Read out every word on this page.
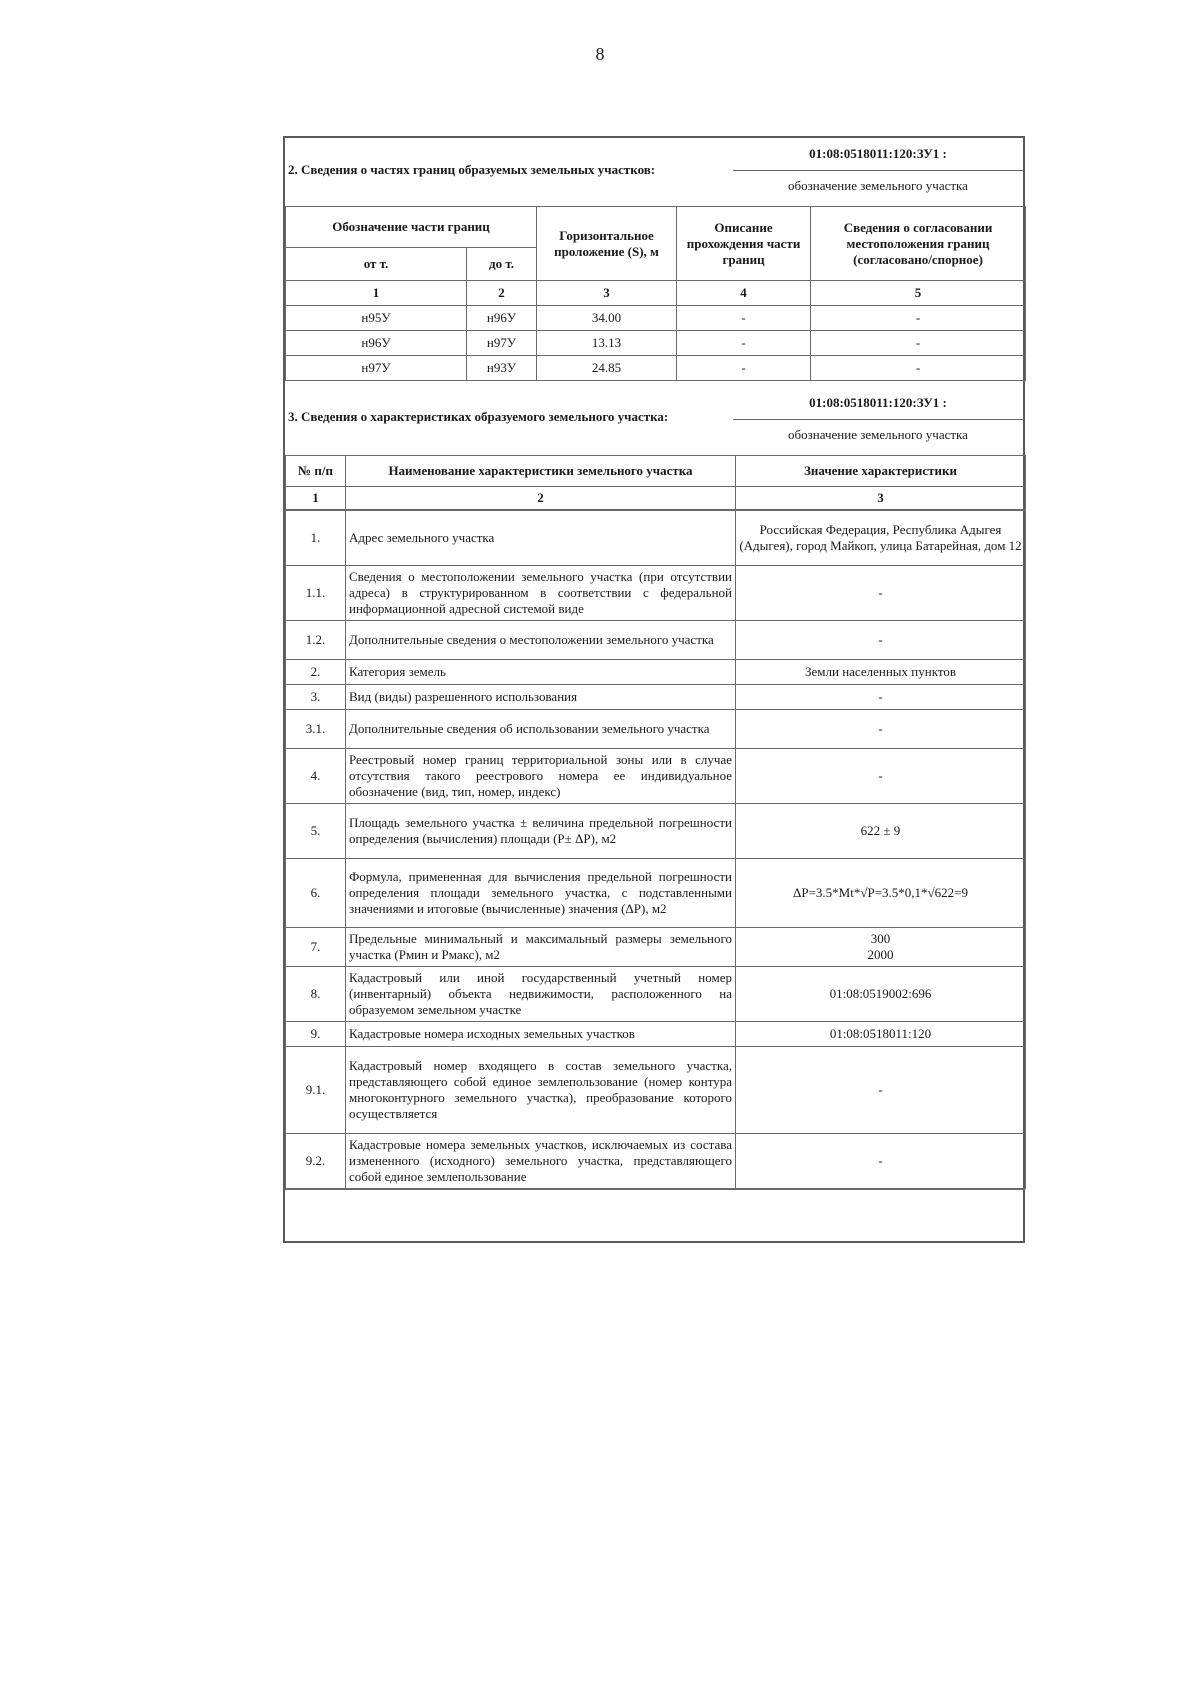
8
2. Сведения о частях границ образуемых земельных участков:
01:08:0518011:120:ЗУ1 :
обозначение земельного участка
Обозначение части границ		Горизонтальное проложение (S), м	Описание прохождения части границ	Сведения о согласовании местоположения границ (согласовано/спорное)
от т.	до т.			
1	2	3	4	5
н95У	н96У	34.00	-	-
н96У	н97У	13.13	-	-
н97У	н93У	24.85	-	-
3. Сведения о характеристиках образуемого земельного участка:
01:08:0518011:120:ЗУ1 :
обозначение земельного участка
№ п/п	Наименование характеристики земельного участка	Значение характеристики
1	2	3
1.	Адрес земельного участка	Российская Федерация, Республика Адыгея (Адыгея), город Майкоп, улица Батарейная, дом 12
1.1.	Сведения о местоположении земельного участка (при отсутствии адреса) в структурированном в соответствии с федеральной информационной адресной системой виде	-
1.2.	Дополнительные сведения о местоположении земельного участка	-
2.	Категория земель	Земли населенных пунктов
3.	Вид (виды) разрешенного использования	-
3.1.	Дополнительные сведения об использовании земельного участка	-
4.	Реестровый номер границ территориальной зоны или в случае отсутствия такого реестрового номера ее индивидуальное обозначение (вид, тип, номер, индекс)	-
5.	Площадь земельного участка ± величина предельной погрешности определения (вычисления) площади (P± ΔP), м2	622 ± 9
6.	Формула, примененная для вычисления предельной погрешности определения площади земельного участка, с подставленными значениями и итоговые (вычисленные) значения (ΔP), м2	ΔP=3.5*Mt*√P=3.5*0,1*√622=9
7.	Предельные минимальный и максимальный размеры земельного участка (Рмин и Рмакс), м2	300
2000
8.	Кадастровый или иной государственный учетный номер (инвентарный) объекта недвижимости, расположенного на образуемом земельном участке	01:08:0519002:696
9.	Кадастровые номера исходных земельных участков	01:08:0518011:120
9.1.	Кадастровый номер входящего в состав земельного участка, представляющего собой единое землепользование (номер контура многоконтурного земельного участка), преобразование которого осуществляется	-
9.2.	Кадастровые номера земельных участков, исключаемых из состава измененного (исходного) земельного участка, представляющего собой единое землепользование	-
